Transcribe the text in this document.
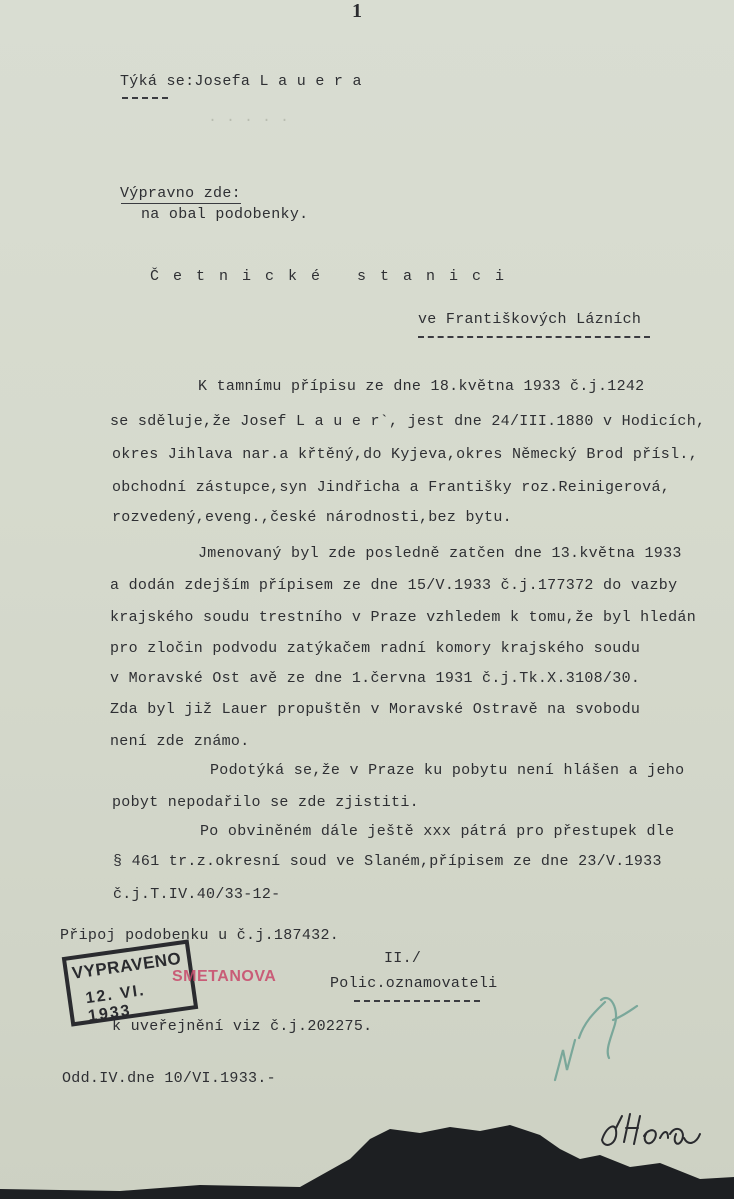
1
·····
Týká se:Josefa L a u e r a
Výpravno zde:
na obal podobenky.
Četnické stanici
ve Františkových Lázních
K tamnímu přípisu ze dne 18.května 1933 č.j.1242
se sděluje,že Josef L a u e r`, jest dne 24/III.1880 v Hodicích,
okres Jihlava nar.a křtěný,do Kyjeva,okres Německý Brod přísl.,
obchodní zástupce,syn Jindřicha a Františky roz.Reinigerová,
rozvedený,eveng.,české národnosti,bez bytu.
Jmenovaný byl zde posledně zatčen dne 13.května 1933
a dodán zdejším přípisem ze dne 15/V.1933 č.j.177372 do vazby
krajského soudu trestního v Praze vzhledem k tomu,že byl hledán
pro zločin podvodu zatýkačem radní komory krajského soudu
v Moravské Ost avě ze dne 1.června 1931 č.j.Tk.X.3108/30.
Zda byl již Lauer propuštěn v Moravské Ostravě na svobodu
není zde známo.
Podotýká se,že v Praze ku pobytu není hlášen a jeho
pobyt nepodařilo se zde zjistiti.
Po obviněném dále ještě xxx pátrá pro přestupek dle
§ 461 tr.z.okresní soud ve Slaném,přípisem ze dne 23/V.1933
č.j.T.IV.40/33-12-
Připoj podobenku u č.j.187432.
II./
Polic.oznamovateli
VYPRAVENO
12. VI. 1933
SMETANOVA
k uveřejnění viz č.j.202275.
Odd.IV.dne 10/VI.1933.-
